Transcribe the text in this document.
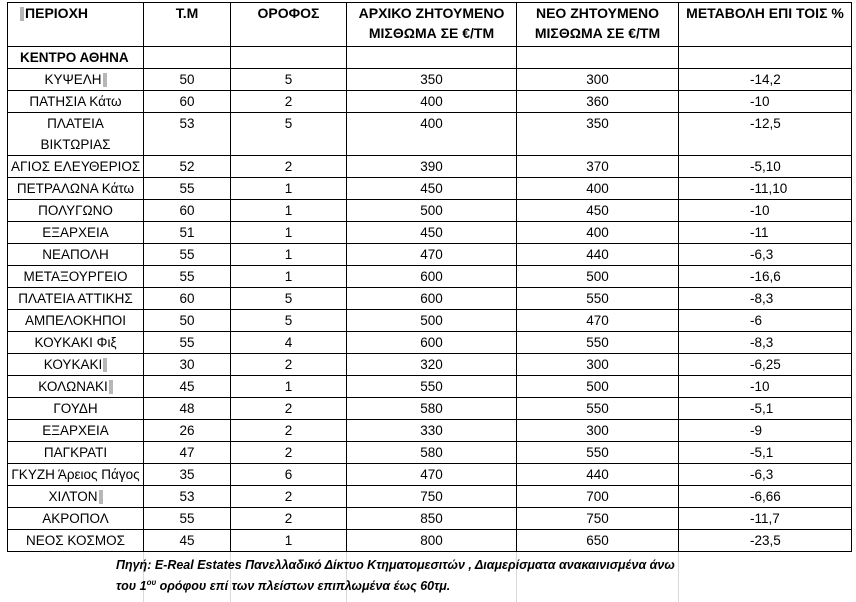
ΠΕΡΙΟΧΗ	Τ.Μ	ΟΡΟΦΟΣ	ΑΡΧΙΚΟ ΖΗΤΟΥΜΕΝΟ ΜΙΣΘΩΜΑ ΣΕ €/ΤΜ	ΝΕΟ ΖΗΤΟΥΜΕΝΟ ΜΙΣΘΩΜΑ ΣΕ €/ΤΜ	ΜΕΤΑΒΟΛΗ ΕΠΙ ΤΟΙΣ %
ΚΕΝΤΡΟ ΑΘΗΝΑ					
ΚΥΨΕΛΗ	50	5	350	300	-14,2
ΠΑΤΗΣΙΑ Κάτω	60	2	400	360	-10
ΠΛΑΤΕΙΑ ΒΙΚΤΩΡΙΑΣ	53	5	400	350	-12,5
ΑΓΙΟΣ ΕΛΕΥΘΕΡΙΟΣ	52	2	390	370	-5,10
ΠΕΤΡΑΛΩΝΑ Κάτω	55	1	450	400	-11,10
ΠΟΛΥΓΩΝΟ	60	1	500	450	-10
ΕΞΑΡΧΕΙΑ	51	1	450	400	-11
ΝΕΑΠΟΛΗ	55	1	470	440	-6,3
ΜΕΤΑΞΟΥΡΓΕΙΟ	55	1	600	500	-16,6
ΠΛΑΤΕΙΑ ΑΤΤΙΚΗΣ	60	5	600	550	-8,3
ΑΜΠΕΛΟΚΗΠΟΙ	50	5	500	470	-6
ΚΟΥΚΑΚΙ Φιξ	55	4	600	550	-8,3
ΚΟΥΚΑΚΙ	30	2	320	300	-6,25
ΚΟΛΩΝΑΚΙ	45	1	550	500	-10
ΓΟΥΔΗ	48	2	580	550	-5,1
ΕΞΑΡΧΕΙΑ	26	2	330	300	-9
ΠΑΓΚΡΑΤΙ	47	2	580	550	-5,1
ΓΚΥΖΗ Άρειος Πάγος	35	6	470	440	-6,3
ΧΙΛΤΟΝ	53	2	750	700	-6,66
ΑΚΡΟΠΟΛ	55	2	850	750	-11,7
ΝΕΟΣ ΚΟΣΜΟΣ	45	1	800	650	-23,5
Πηγή: E-Real Estates Πανελλαδικό Δίκτυο Κτηματομεσιτών , Διαμερίσματα ανακαινισμένα άνω του $1^{o\upsilon}$ ορόφου επί των πλείστων επιπλωμένα έως 60τμ.
